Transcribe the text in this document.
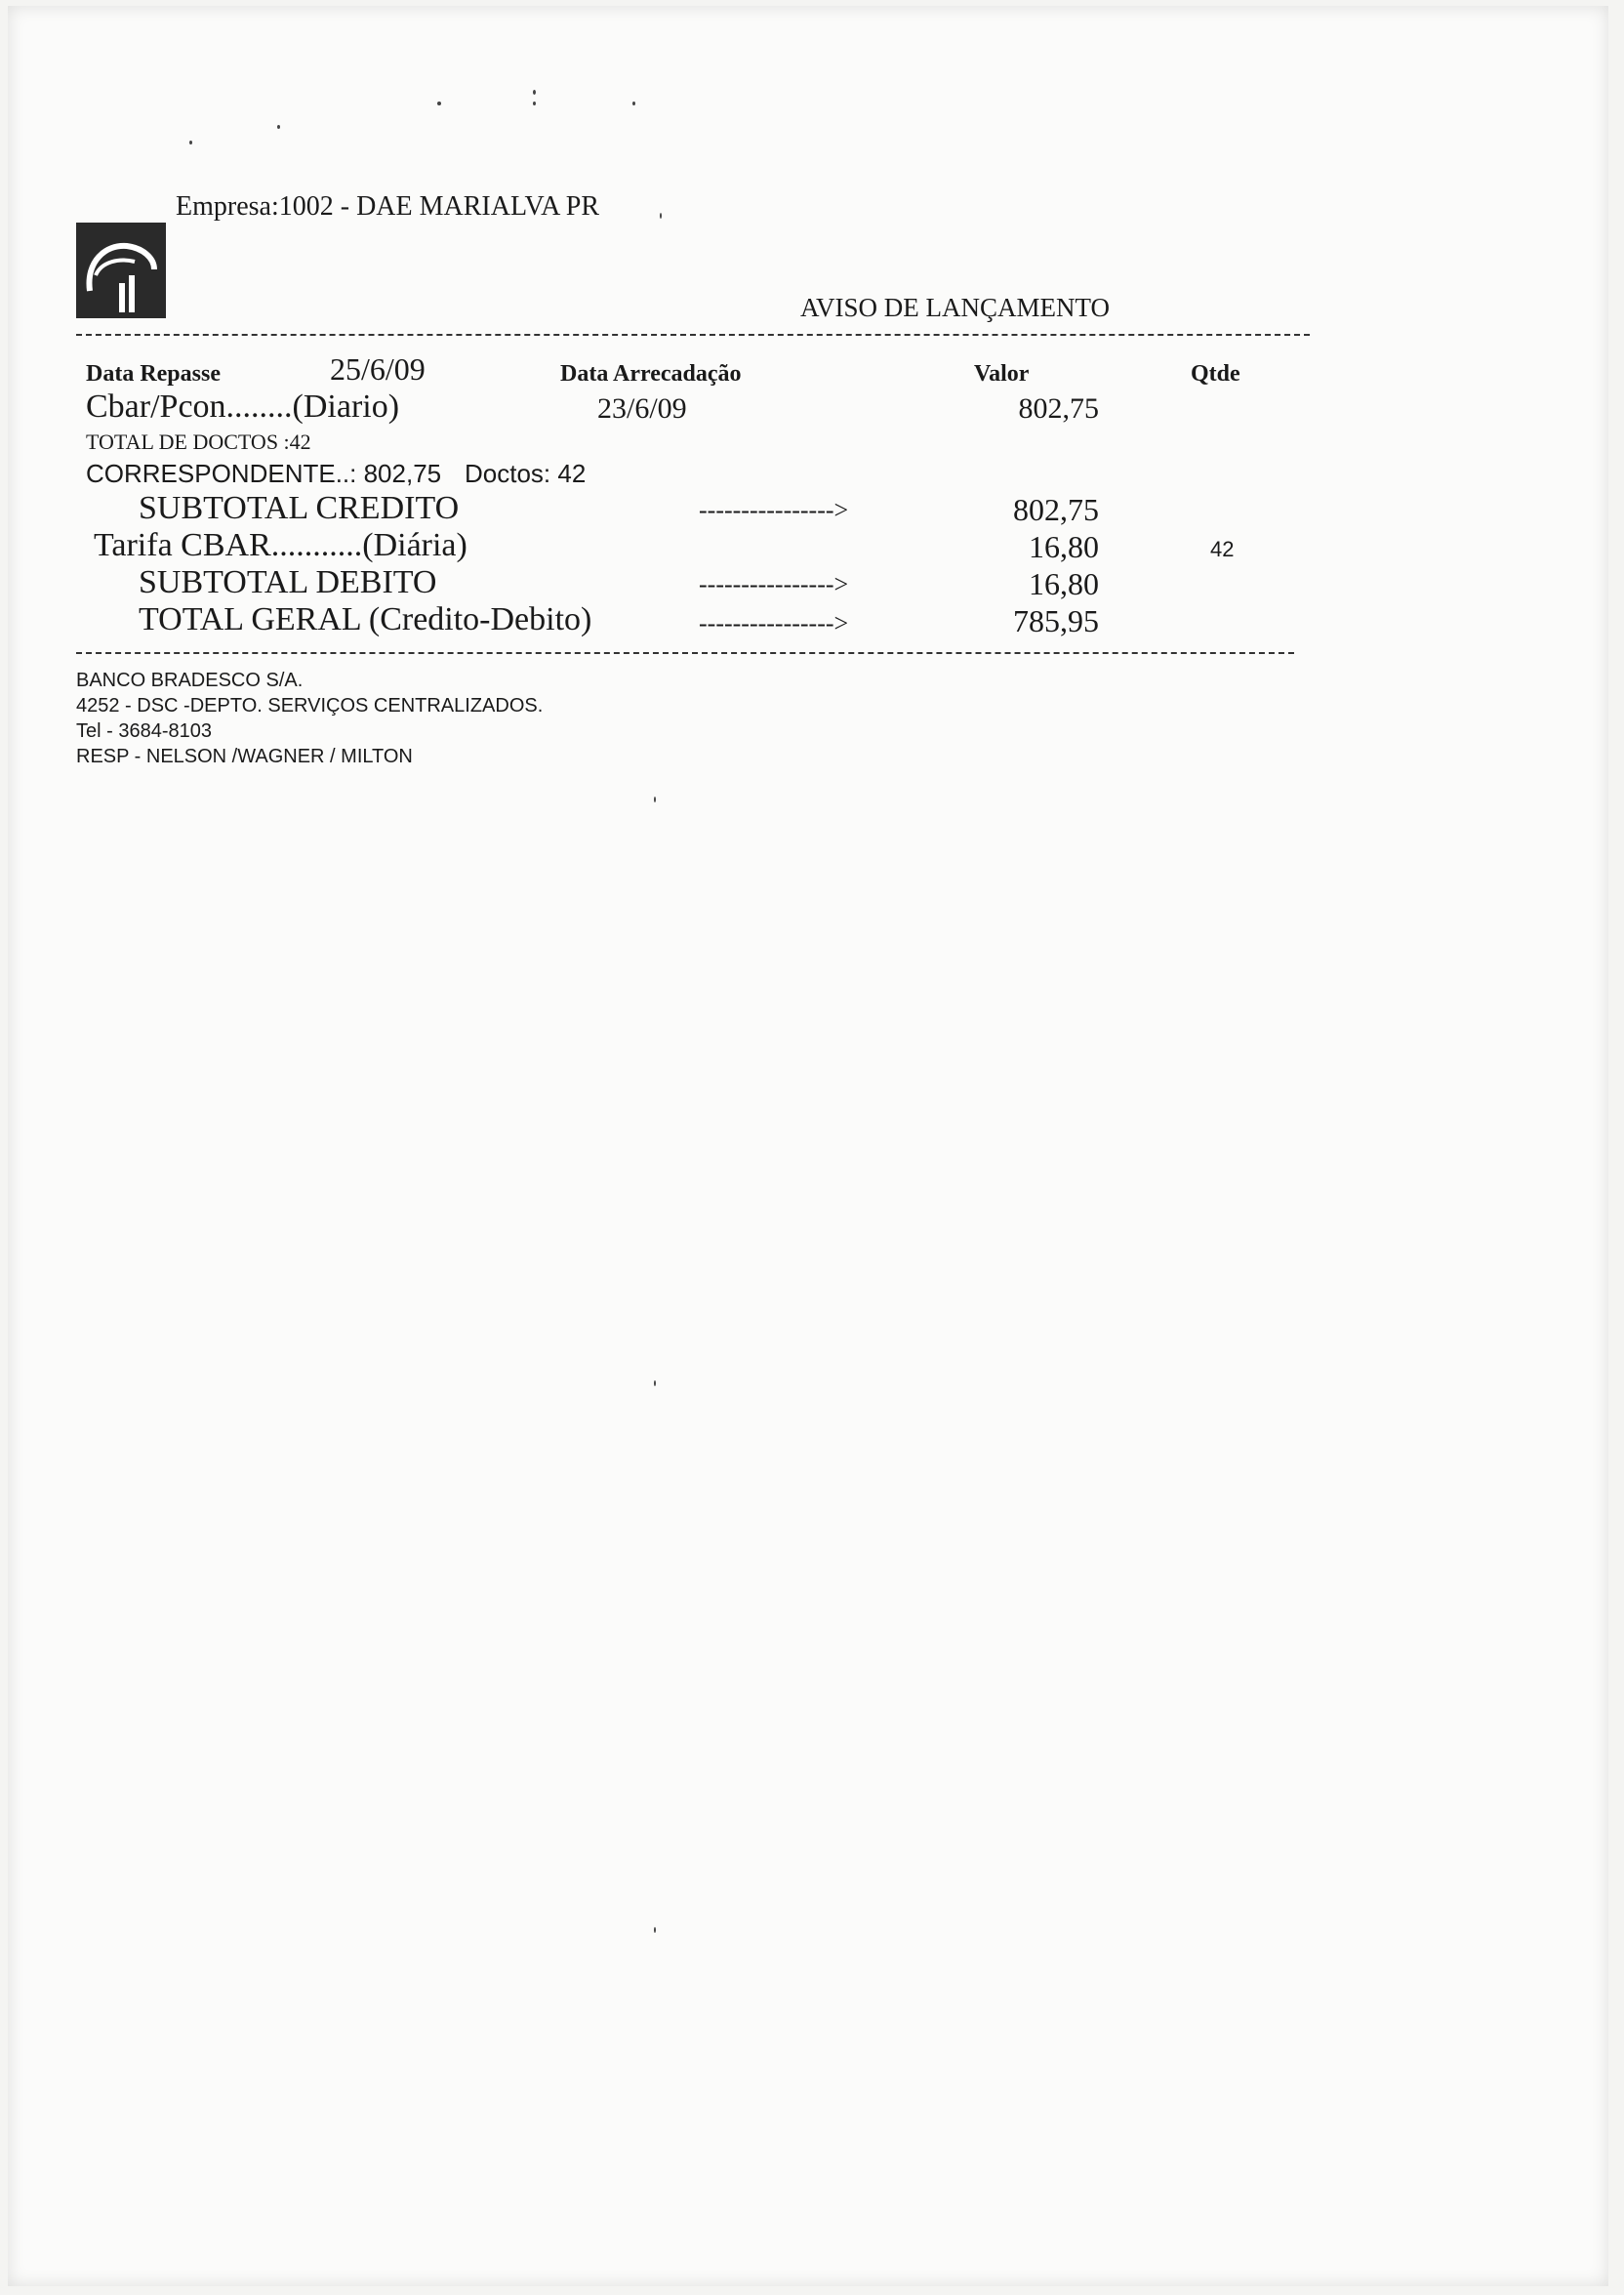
Empresa:1002 - DAE MARIALVA PR
AVISO DE LANÇAMENTO
Data Repasse	25/6/09	Data Arrecadação	Valor	Qtde
Cbar/Pcon........(Diario)	23/6/09	802,75
TOTAL DE DOCTOS :42
CORRESPONDENTE..: 802,75 Doctos: 42
SUBTOTAL CREDITO	---------------->	802,75
Tarifa CBAR...........(Diária)	16,80	42
SUBTOTAL DEBITO	---------------->	16,80
TOTAL GERAL (Credito-Debito)	---------------->	785,95
BANCO BRADESCO S/A.
4252 - DSC -DEPTO. SERVIÇOS CENTRALIZADOS.
Tel - 3684-8103
RESP - NELSON /WAGNER / MILTON
